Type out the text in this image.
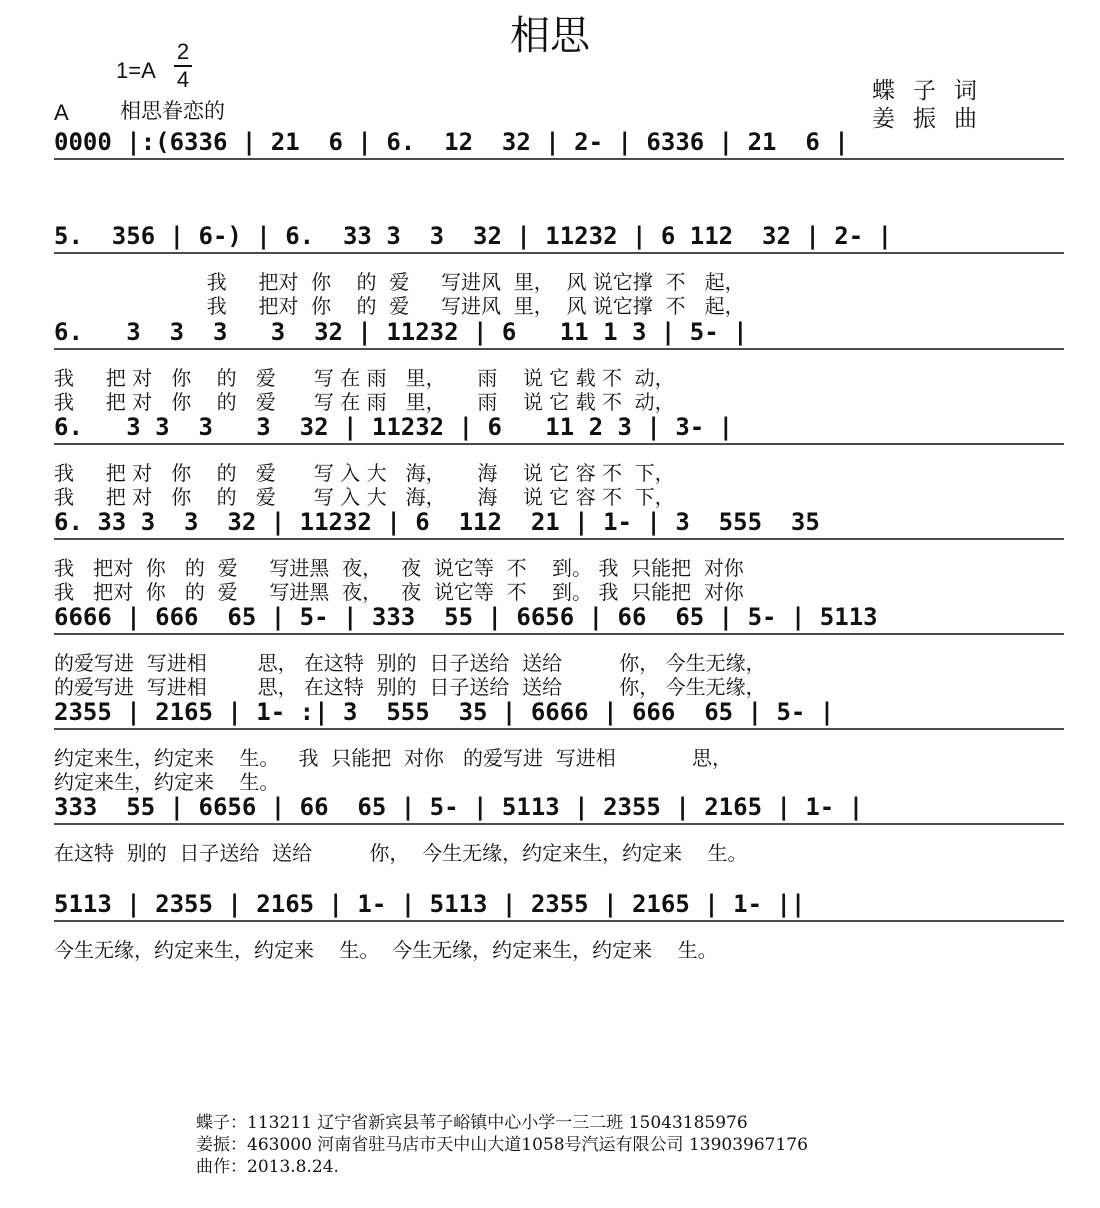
相思
1=A
2
4
A 相思眷恋的
蝶子词
姜振曲
0000 |:(6336 | 21  6 | 6.  12  32 | 2- | 6336 | 21  6 |
5.  356 | 6-) | 6.  33 3  3  32 | 11232 | 6 112  32 | 2- |
我     把对  你    的  爱     写进风  里，  风 说它撑  不   起，
我     把对  你    的  爱     写进风  里，  风 说它撑  不   起，
6.   3  3  3   3  32 | 11232 | 6   11 1 3 | 5- |
我     把 对   你    的   爱      写 在 雨   里，     雨    说 它 载 不  动，
我     把 对   你    的   爱      写 在 雨   里，     雨    说 它 载 不  动，
6.   3 3  3   3  32 | 11232 | 6   11 2 3 | 3- |
我     把 对   你    的   爱      写 入 大   海，     海    说 它 容 不  下，
我     把 对   你    的   爱      写 入 大   海，     海    说 它 容 不  下，
6. 33 3  3  32 | 11232 | 6  112  21 | 1- | 3  555  35
我   把对  你   的  爱     写进黑  夜，   夜  说它等  不    到。 我  只能把  对你
我   把对  你   的  爱     写进黑  夜，   夜  说它等  不    到。 我  只能把  对你
6666 | 666  65 | 5- | 333  55 | 6656 | 66  65 | 5- | 5113
的爱写进  写进相        思， 在这特  别的  日子送给  送给         你， 今生无缘，
的爱写进  写进相        思， 在这特  别的  日子送给  送给         你， 今生无缘，
2355 | 2165 | 1- :| 3  555  35 | 6666 | 666  65 | 5- |
约定来生，约定来    生。   我  只能把  对你   的爱写进  写进相            思，
约定来生，约定来    生。
333  55 | 6656 | 66  65 | 5- | 5113 | 2355 | 2165 | 1- |
在这特  别的  日子送给  送给         你，  今生无缘，约定来生，约定来    生。
5113 | 2355 | 2165 | 1- | 5113 | 2355 | 2165 | 1- ||
今生无缘，约定来生，约定来    生。  今生无缘，约定来生，约定来    生。
蝶子：113211 辽宁省新宾县苇子峪镇中心小学一三二班 15043185976
姜振：463000 河南省驻马店市天中山大道1058号汽运有限公司 13903967176
曲作：2013.8.24.
